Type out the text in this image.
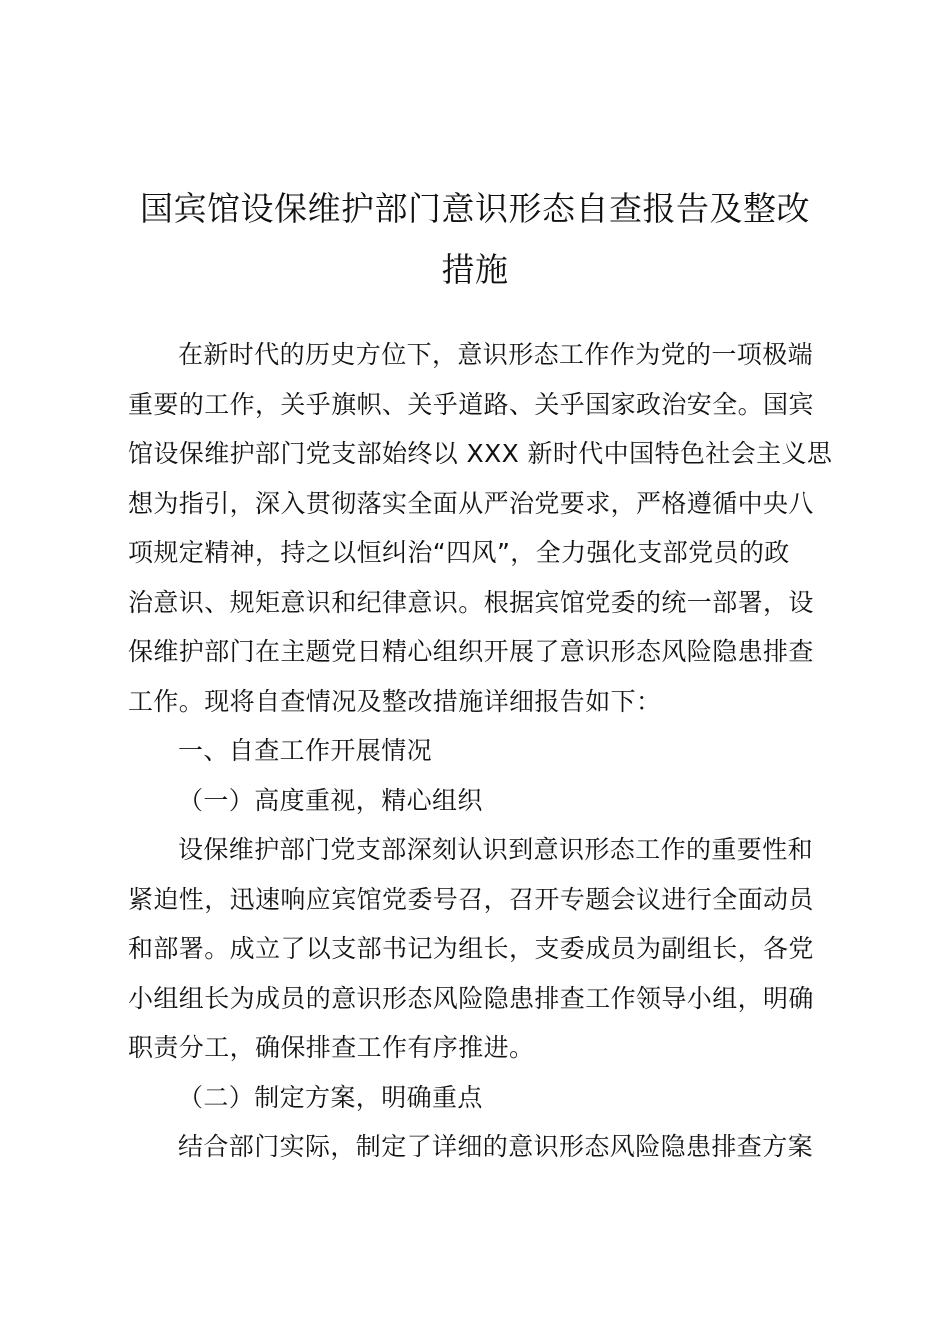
国宾馆设保维护部门意识形态自查报告及整改
措施

在新时代的历史方位下，意识形态工作作为党的一项极端
重要的工作，关乎旗帜、关乎道路、关乎国家政治安全。国宾
馆设保维护部门党支部始终以 XXX 新时代中国特色社会主义思
想为指引，深入贯彻落实全面从严治党要求，严格遵循中央八
项规定精神，持之以恒纠治“四风”，全力强化支部党员的政
治意识、规矩意识和纪律意识。根据宾馆党委的统一部署，设
保维护部门在主题党日精心组织开展了意识形态风险隐患排查
工作。现将自查情况及整改措施详细报告如下：

一、自查工作开展情况

（一）高度重视，精心组织

设保维护部门党支部深刻认识到意识形态工作的重要性和
紧迫性，迅速响应宾馆党委号召，召开专题会议进行全面动员
和部署。成立了以支部书记为组长，支委成员为副组长，各党
小组组长为成员的意识形态风险隐患排查工作领导小组，明确
职责分工，确保排查工作有序推进。

（二）制定方案，明确重点

结合部门实际，制定了详细的意识形态风险隐患排查方案
